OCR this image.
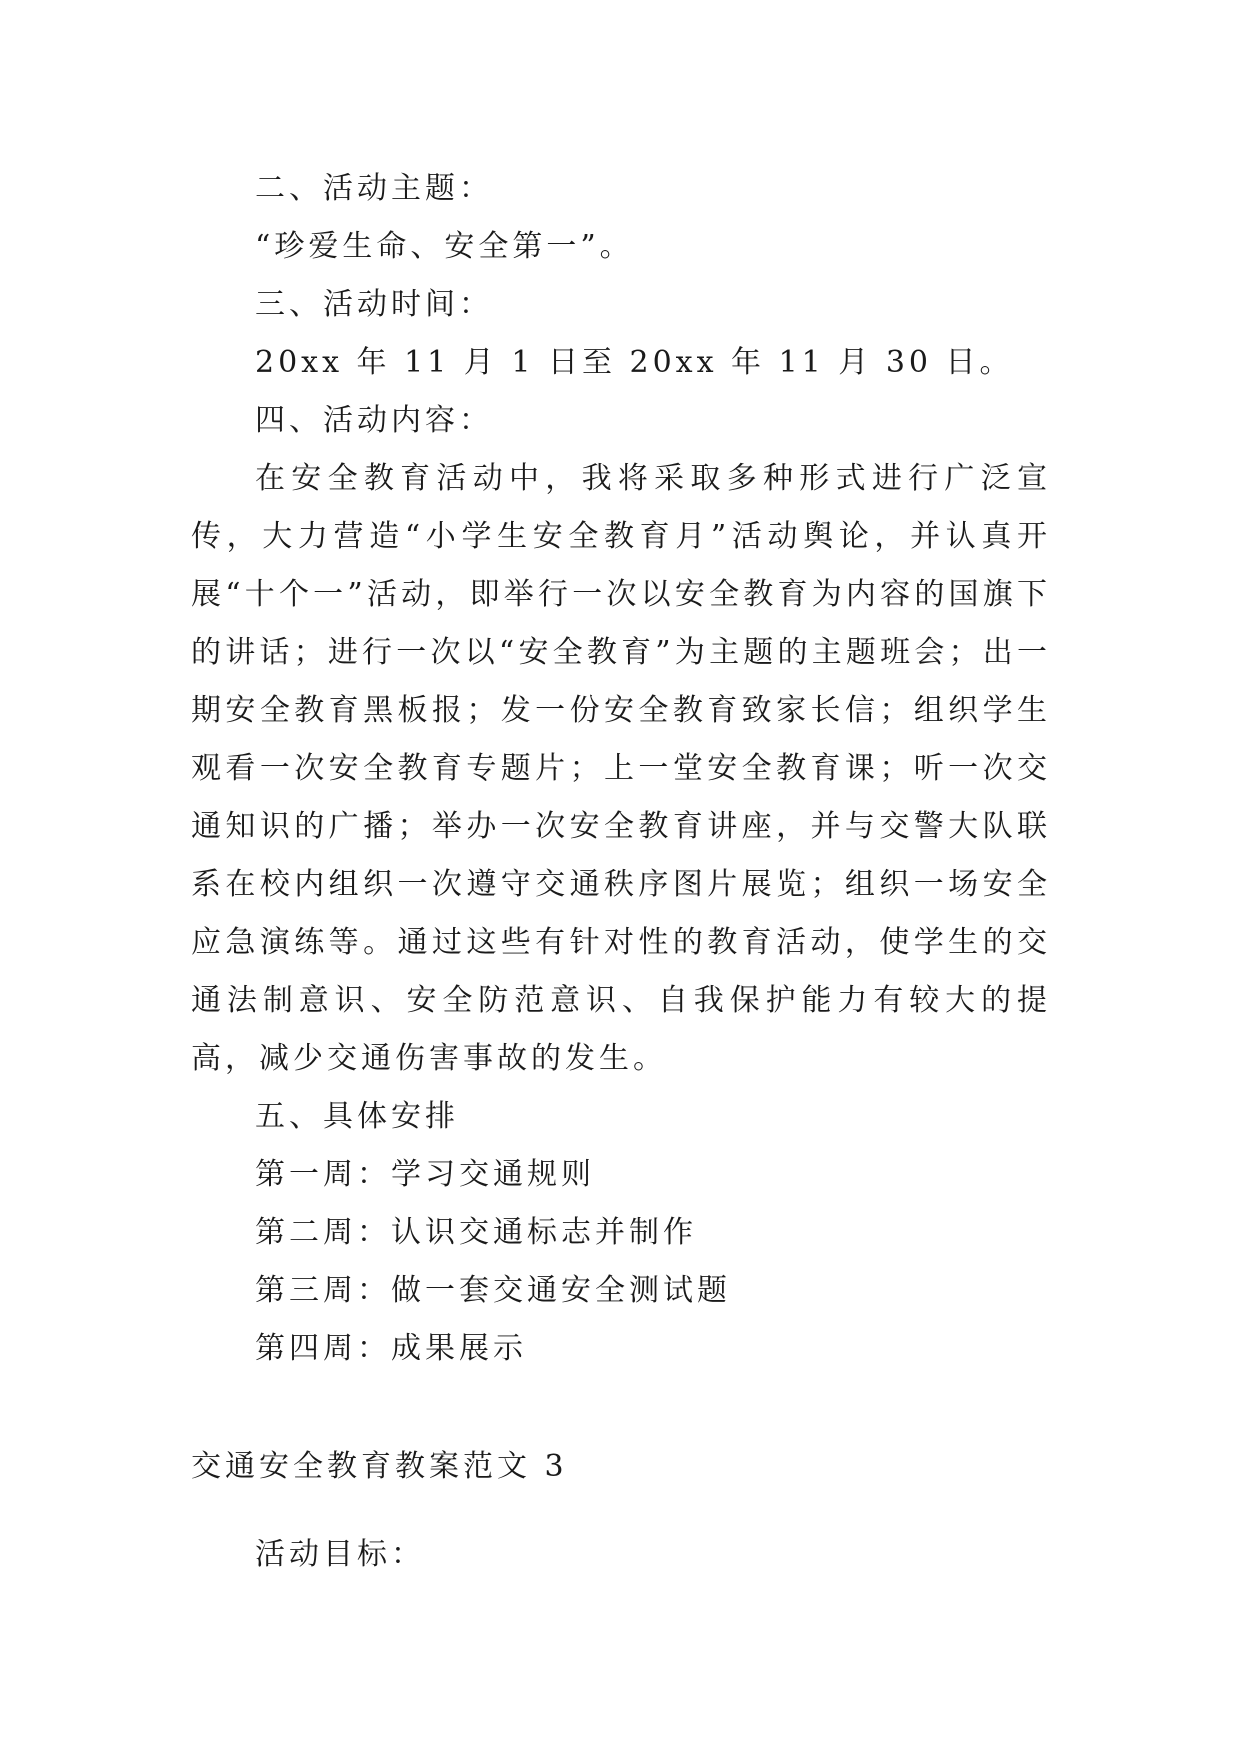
二、活动主题：

“珍爱生命、安全第一”。

三、活动时间：

20xx 年 11 月 1 日至 20xx 年 11 月 30 日。

四、活动内容：

在安全教育活动中，我将采取多种形式进行广泛宣传，大力营造“小学生安全教育月”活动舆论，并认真开展“十个一”活动，即举行一次以安全教育为内容的国旗下的讲话；进行一次以“安全教育”为主题的主题班会；出一期安全教育黑板报；发一份安全教育致家长信；组织学生观看一次安全教育专题片；上一堂安全教育课；听一次交通知识的广播；举办一次安全教育讲座，并与交警大队联系在校内组织一次遵守交通秩序图片展览；组织一场安全应急演练等。通过这些有针对性的教育活动，使学生的交通法制意识、安全防范意识、自我保护能力有较大的提高，减少交通伤害事故的发生。

五、具体安排

第一周：学习交通规则

第二周：认识交通标志并制作

第三周：做一套交通安全测试题

第四周：成果展示

交通安全教育教案范文 3

活动目标：
